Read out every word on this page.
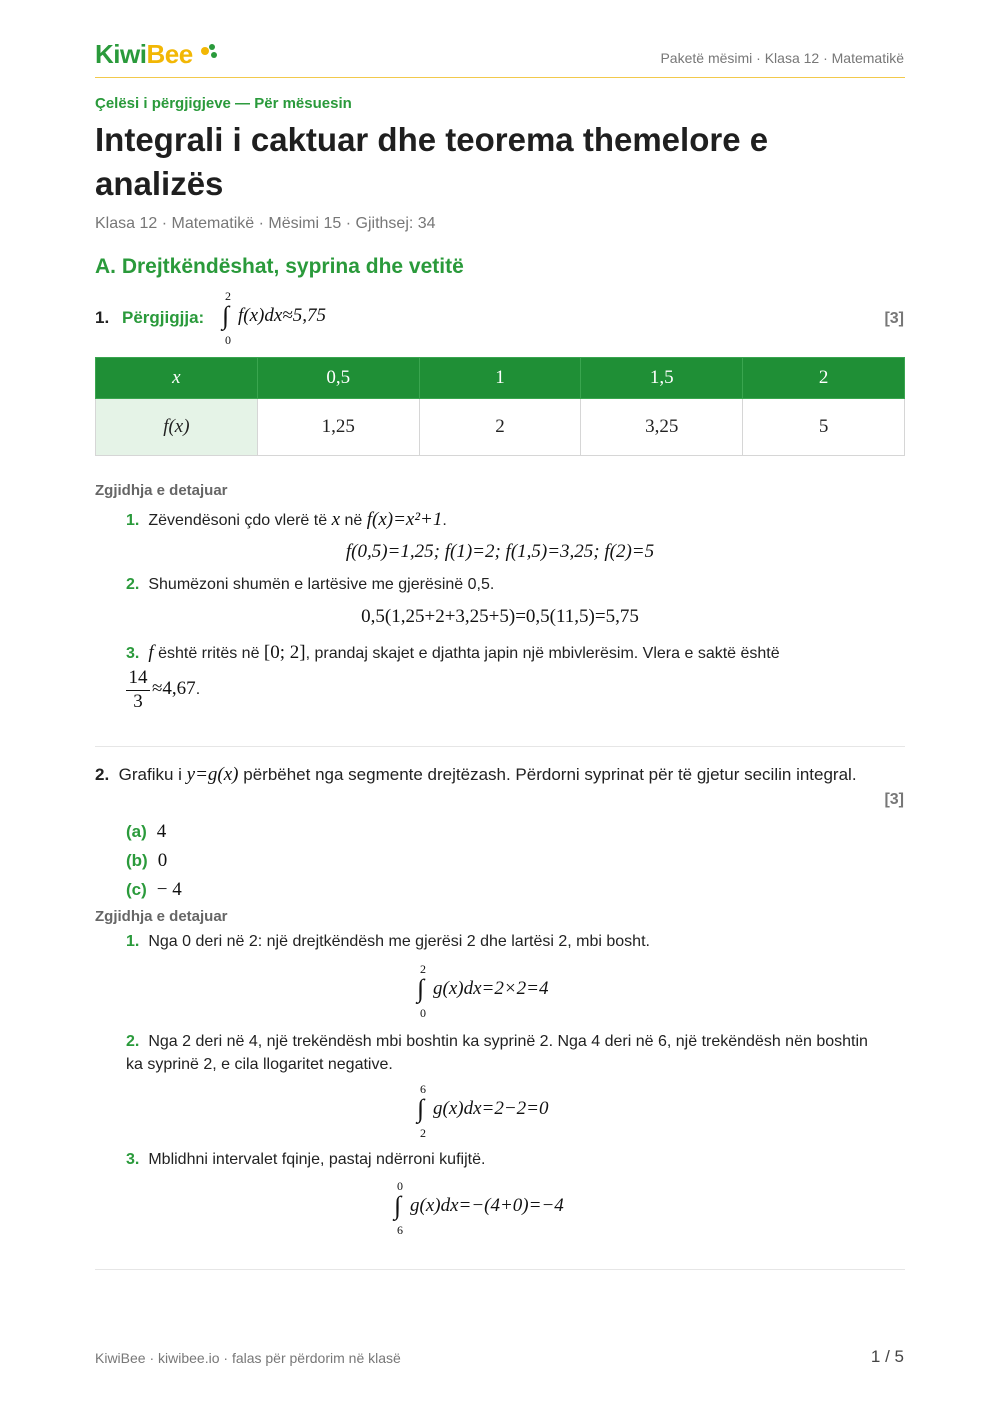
KiwiBee	Paketë mësimi · Klasa 12 · Matematikë
Çelësi i përgjigjeve — Për mësuesin
Integrali i caktuar dhe teorema themelore e analizës
Klasa 12 · Matematikë · Mësimi 15 · Gjithsej: 34
A. Drejtkëndëshat, syprina dhe vetitë
1. Përgjigjja: ∫
2
0
f(x)dx≈5,75	[3]
x	0,5	1	1,5	2
f(x)	1,25	2	3,25	5
Zgjidhja e detajuar
1. Zëvendësoni çdo vlerë të x në f(x)=x²+1.
f(0,5)=1,25; f(1)=2; f(1,5)=3,25; f(2)=5
2. Shumëzoni shumën e lartësive me gjerësinë 0,5.
0,5(1,25+2+3,25+5)=0,5(11,5)=5,75
3. f është rritës në [0; 2], prandaj skajet e djathta japin një mbivlerësim. Vlera e saktë është
$\frac{14}{3} \approx 4,67$.
2. Grafiku i y=g(x) përbëhet nga segmente drejtëzash. Përdorni syprinat për të gjetur secilin integral.
[3]
(a) 4
(b) 0
(c) − 4
Zgjidhja e detajuar
1. Nga 0 deri në 2: një drejtkëndësh me gjerësi 2 dhe lartësi 2, mbi bosht.
∫
2
0
g(x)dx=2×2=4
2. Nga 2 deri në 4, një trekëndësh mbi boshtin ka syprinë 2. Nga 4 deri në 6, një trekëndësh nën boshtin ka syprinë 2, e cila llogaritet negative.
∫
6
2
g(x)dx=2−2=0
3. Mblidhni intervalet fqinje, pastaj ndërroni kufijtë.
∫
0
6
g(x)dx=−(4+0)=−4
KiwiBee · kiwibee.io · falas për përdorim në klasë	1 / 5
